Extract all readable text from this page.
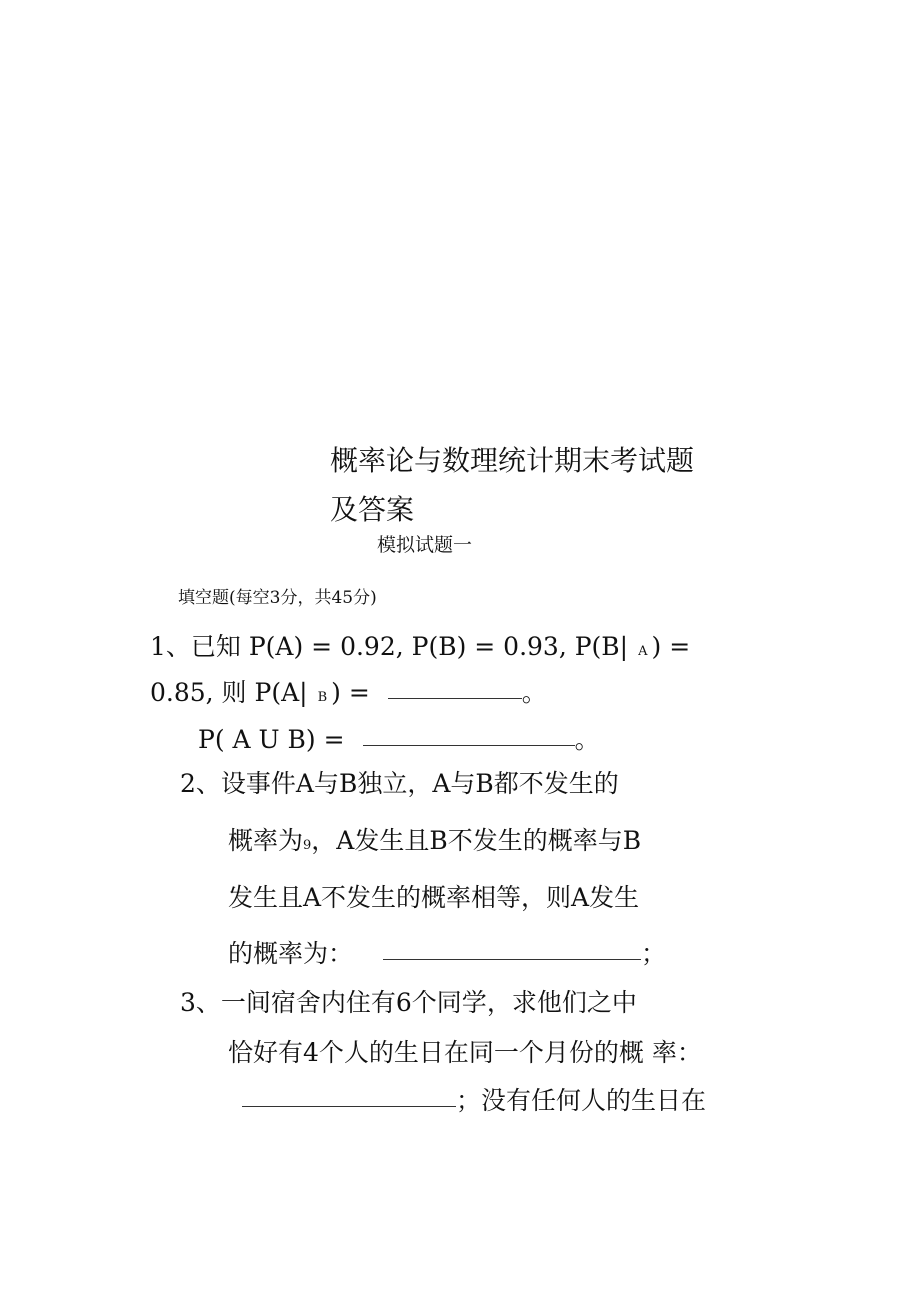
概率论与数理统计期末考试题
及答案
模拟试题一
填空题(每空3分，共45分)
1、已知 P(A) = 0.92, P(B) = 0.93, P(B| A ) =
0.85, 则 P(A| B ) =	。
P( A U B) =	。
2、设事件A与B独立，A与B都不发生的
概率为9，A发生且B不发生的概率与B
发生且A不发生的概率相等，则A发生
的概率为：	；
3、一间宿舍内住有6个同学，求他们之中
恰好有4个人的生日在同一个月份的概 率：
；没有任何人的生日在
